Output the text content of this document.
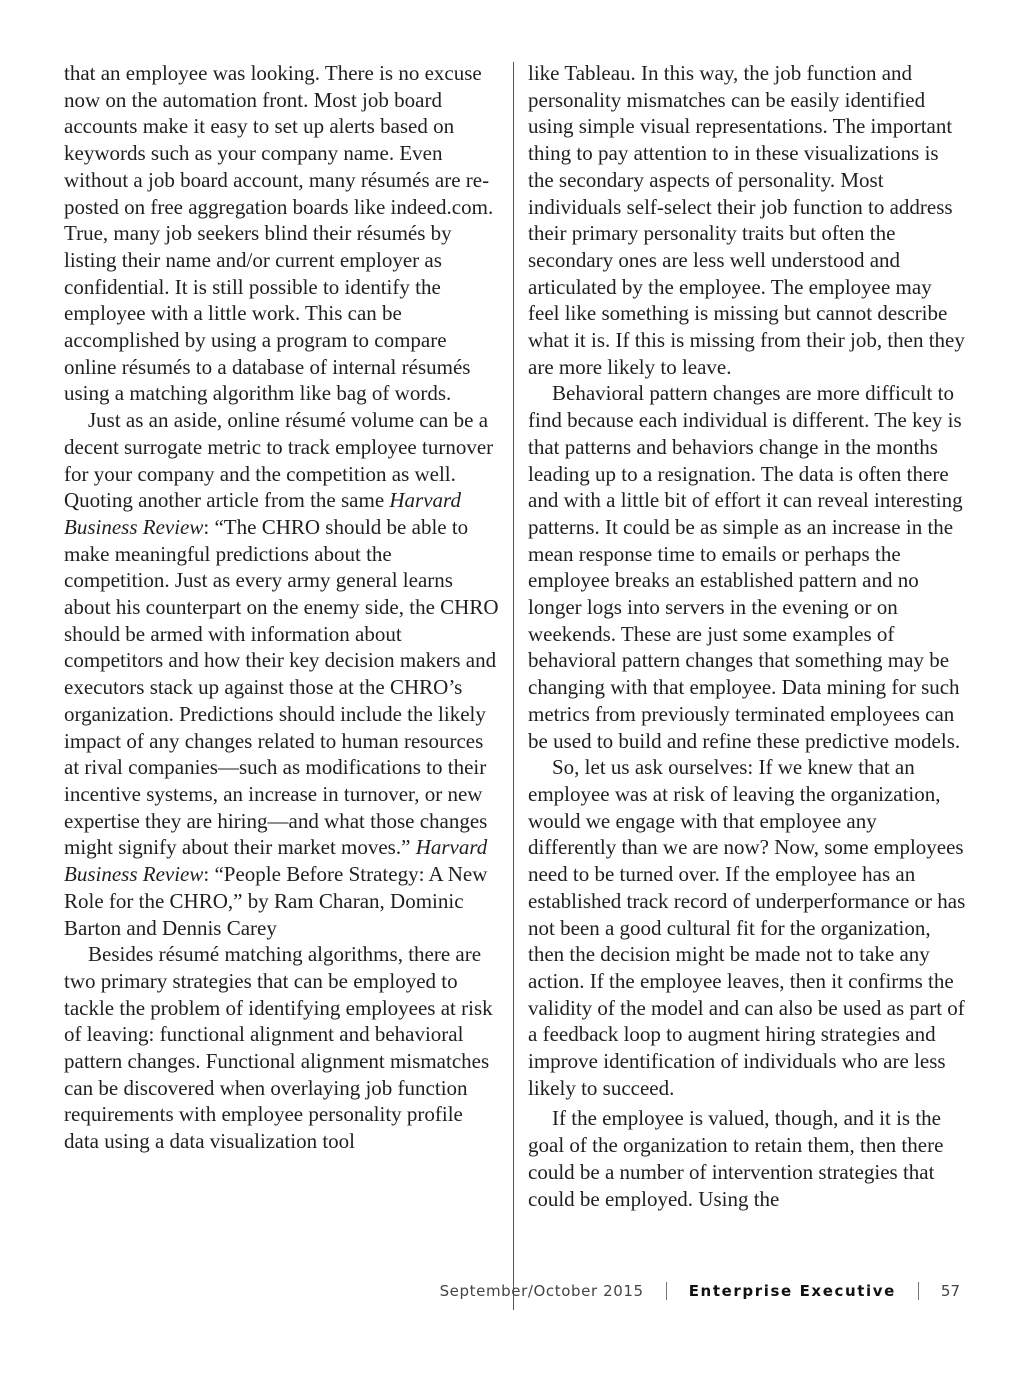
that an employee was looking. There is no excuse now on the automation front. Most job board accounts make it easy to set up alerts based on keywords such as your company name. Even without a job board account, many résumés are re-posted on free aggregation boards like indeed.com. True, many job seekers blind their résumés by listing their name and/or current employer as confidential. It is still possible to identify the employee with a little work. This can be accomplished by using a program to compare online résumés to a database of internal résumés using a matching algorithm like bag of words.

Just as an aside, online résumé volume can be a decent surrogate metric to track employee turnover for your company and the competition as well. Quoting another article from the same Harvard Business Review: “The CHRO should be able to make meaningful predictions about the competition. Just as every army general learns about his counterpart on the enemy side, the CHRO should be armed with information about competitors and how their key decision makers and executors stack up against those at the CHRO’s organization. Predictions should include the likely impact of any changes related to human resources at rival companies—such as modifications to their incentive systems, an increase in turnover, or new expertise they are hiring—and what those changes might signify about their market moves.” Harvard Business Review: “People Before Strategy: A New Role for the CHRO,” by Ram Charan, Dominic Barton and Dennis Carey

Besides résumé matching algorithms, there are two primary strategies that can be employed to tackle the problem of identifying employees at risk of leaving: functional alignment and behavioral pattern changes. Functional alignment mismatches can be discovered when overlaying job function requirements with employee personality profile data using a data visualization tool

like Tableau. In this way, the job function and personality mismatches can be easily identified using simple visual representations. The important thing to pay attention to in these visualizations is the secondary aspects of personality. Most individuals self-select their job function to address their primary personality traits but often the secondary ones are less well understood and articulated by the employee. The employee may feel like something is missing but cannot describe what it is. If this is missing from their job, then they are more likely to leave.

Behavioral pattern changes are more difficult to find because each individual is different. The key is that patterns and behaviors change in the months leading up to a resignation. The data is often there and with a little bit of effort it can reveal interesting patterns. It could be as simple as an increase in the mean response time to emails or perhaps the employee breaks an established pattern and no longer logs into servers in the evening or on weekends. These are just some examples of behavioral pattern changes that something may be changing with that employee. Data mining for such metrics from previously terminated employees can be used to build and refine these predictive models.

So, let us ask ourselves: If we knew that an employee was at risk of leaving the organization, would we engage with that employee any differently than we are now? Now, some employees need to be turned over. If the employee has an established track record of underperformance or has not been a good cultural fit for the organization, then the decision might be made not to take any action. If the employee leaves, then it confirms the validity of the model and can also be used as part of a feedback loop to augment hiring strategies and improve identification of individuals who are less likely to succeed.

If the employee is valued, though, and it is the goal of the organization to retain them, then there could be a number of intervention strategies that could be employed. Using the

September/October 2015	Enterprise Executive	57
